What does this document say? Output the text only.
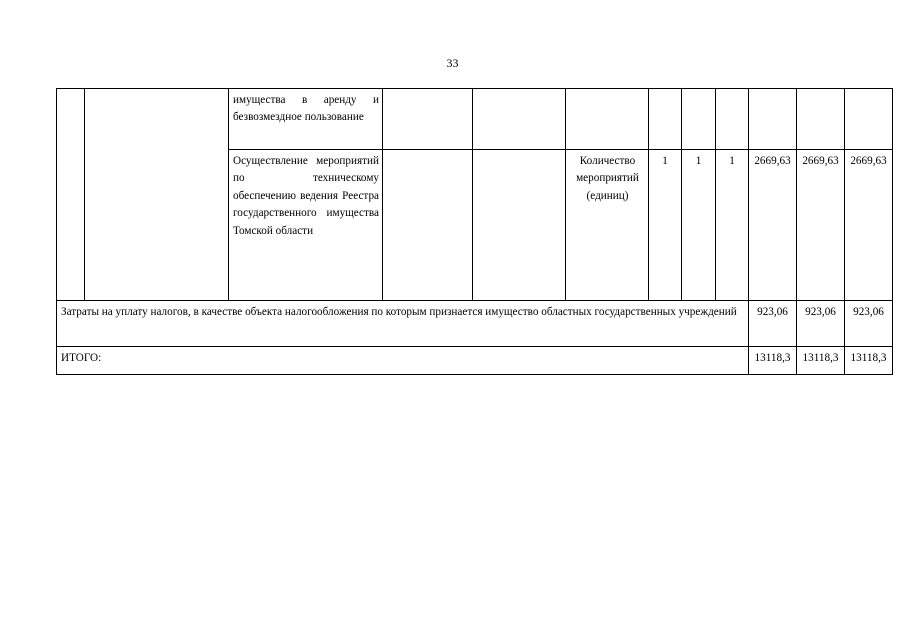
33
		имущества в аренду и безвозмездное пользование									
		Осуществление мероприятий по техническому обеспечению ведения Реестра государственного имущества Томской области			Количество мероприятий (единиц)	1	1	1	2669,63	2669,63	2669,63
Затраты на уплату налогов, в качестве объекта налогообложения по которым признается имущество областных государственных учреждений									923,06	923,06	923,06
ИТОГО:									13118,3	13118,3	13118,3
